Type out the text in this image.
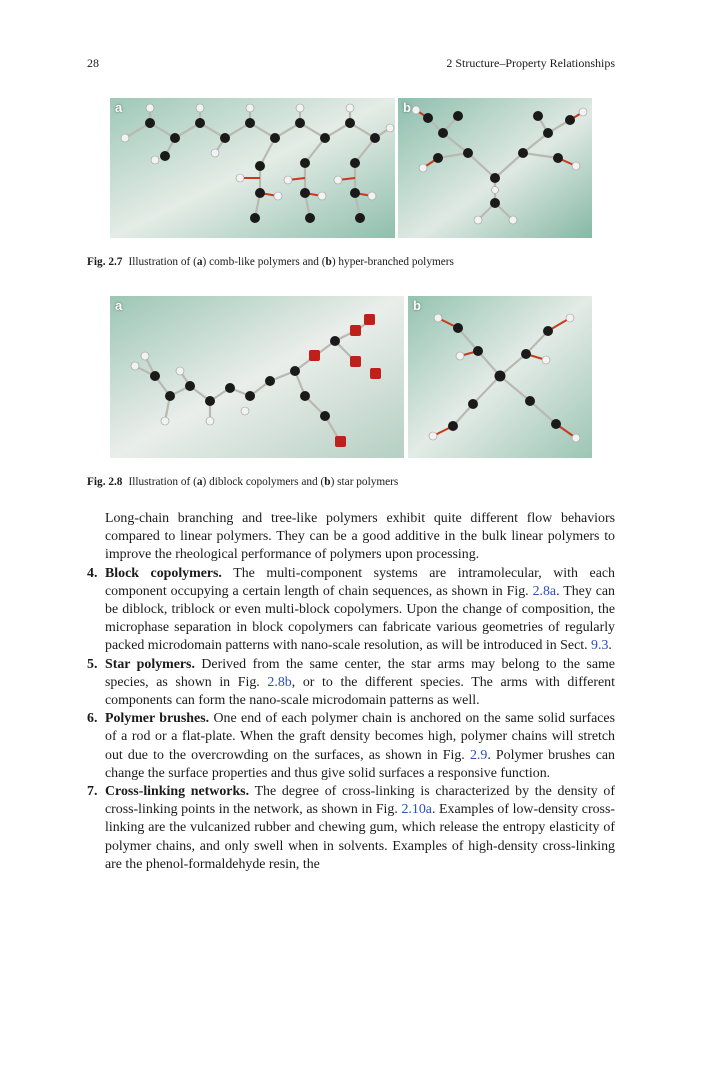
28	2 Structure–Property Relationships
a	b
Fig. 2.7 Illustration of (a) comb-like polymers and (b) hyper-branched polymers
a	b
Fig. 2.8 Illustration of (a) diblock copolymers and (b) star polymers

Long-chain branching and tree-like polymers exhibit quite different flow behaviors compared to linear polymers. They can be a good additive in the bulk linear polymers to improve the rheological performance of polymers upon processing.

4. Block copolymers. The multi-component systems are intramolecular, with each component occupying a certain length of chain sequences, as shown in Fig. 2.8a. They can be diblock, triblock or even multi-block copolymers. Upon the change of composition, the microphase separation in block copolymers can fabricate various geometries of regularly packed microdomain patterns with nano-scale resolution, as will be introduced in Sect. 9.3.
5. Star polymers. Derived from the same center, the star arms may belong to the same species, as shown in Fig. 2.8b, or to the different species. The arms with different components can form the nano-scale microdomain patterns as well.
6. Polymer brushes. One end of each polymer chain is anchored on the same solid surfaces of a rod or a flat-plate. When the graft density becomes high, polymer chains will stretch out due to the overcrowding on the surfaces, as shown in Fig. 2.9. Polymer brushes can change the surface properties and thus give solid surfaces a responsive function.
7. Cross-linking networks. The degree of cross-linking is characterized by the density of cross-linking points in the network, as shown in Fig. 2.10a. Examples of low-density cross-linking are the vulcanized rubber and chewing gum, which release the entropy elasticity of polymer chains, and only swell when in solvents. Examples of high-density cross-linking are the phenol-formaldehyde resin, the
